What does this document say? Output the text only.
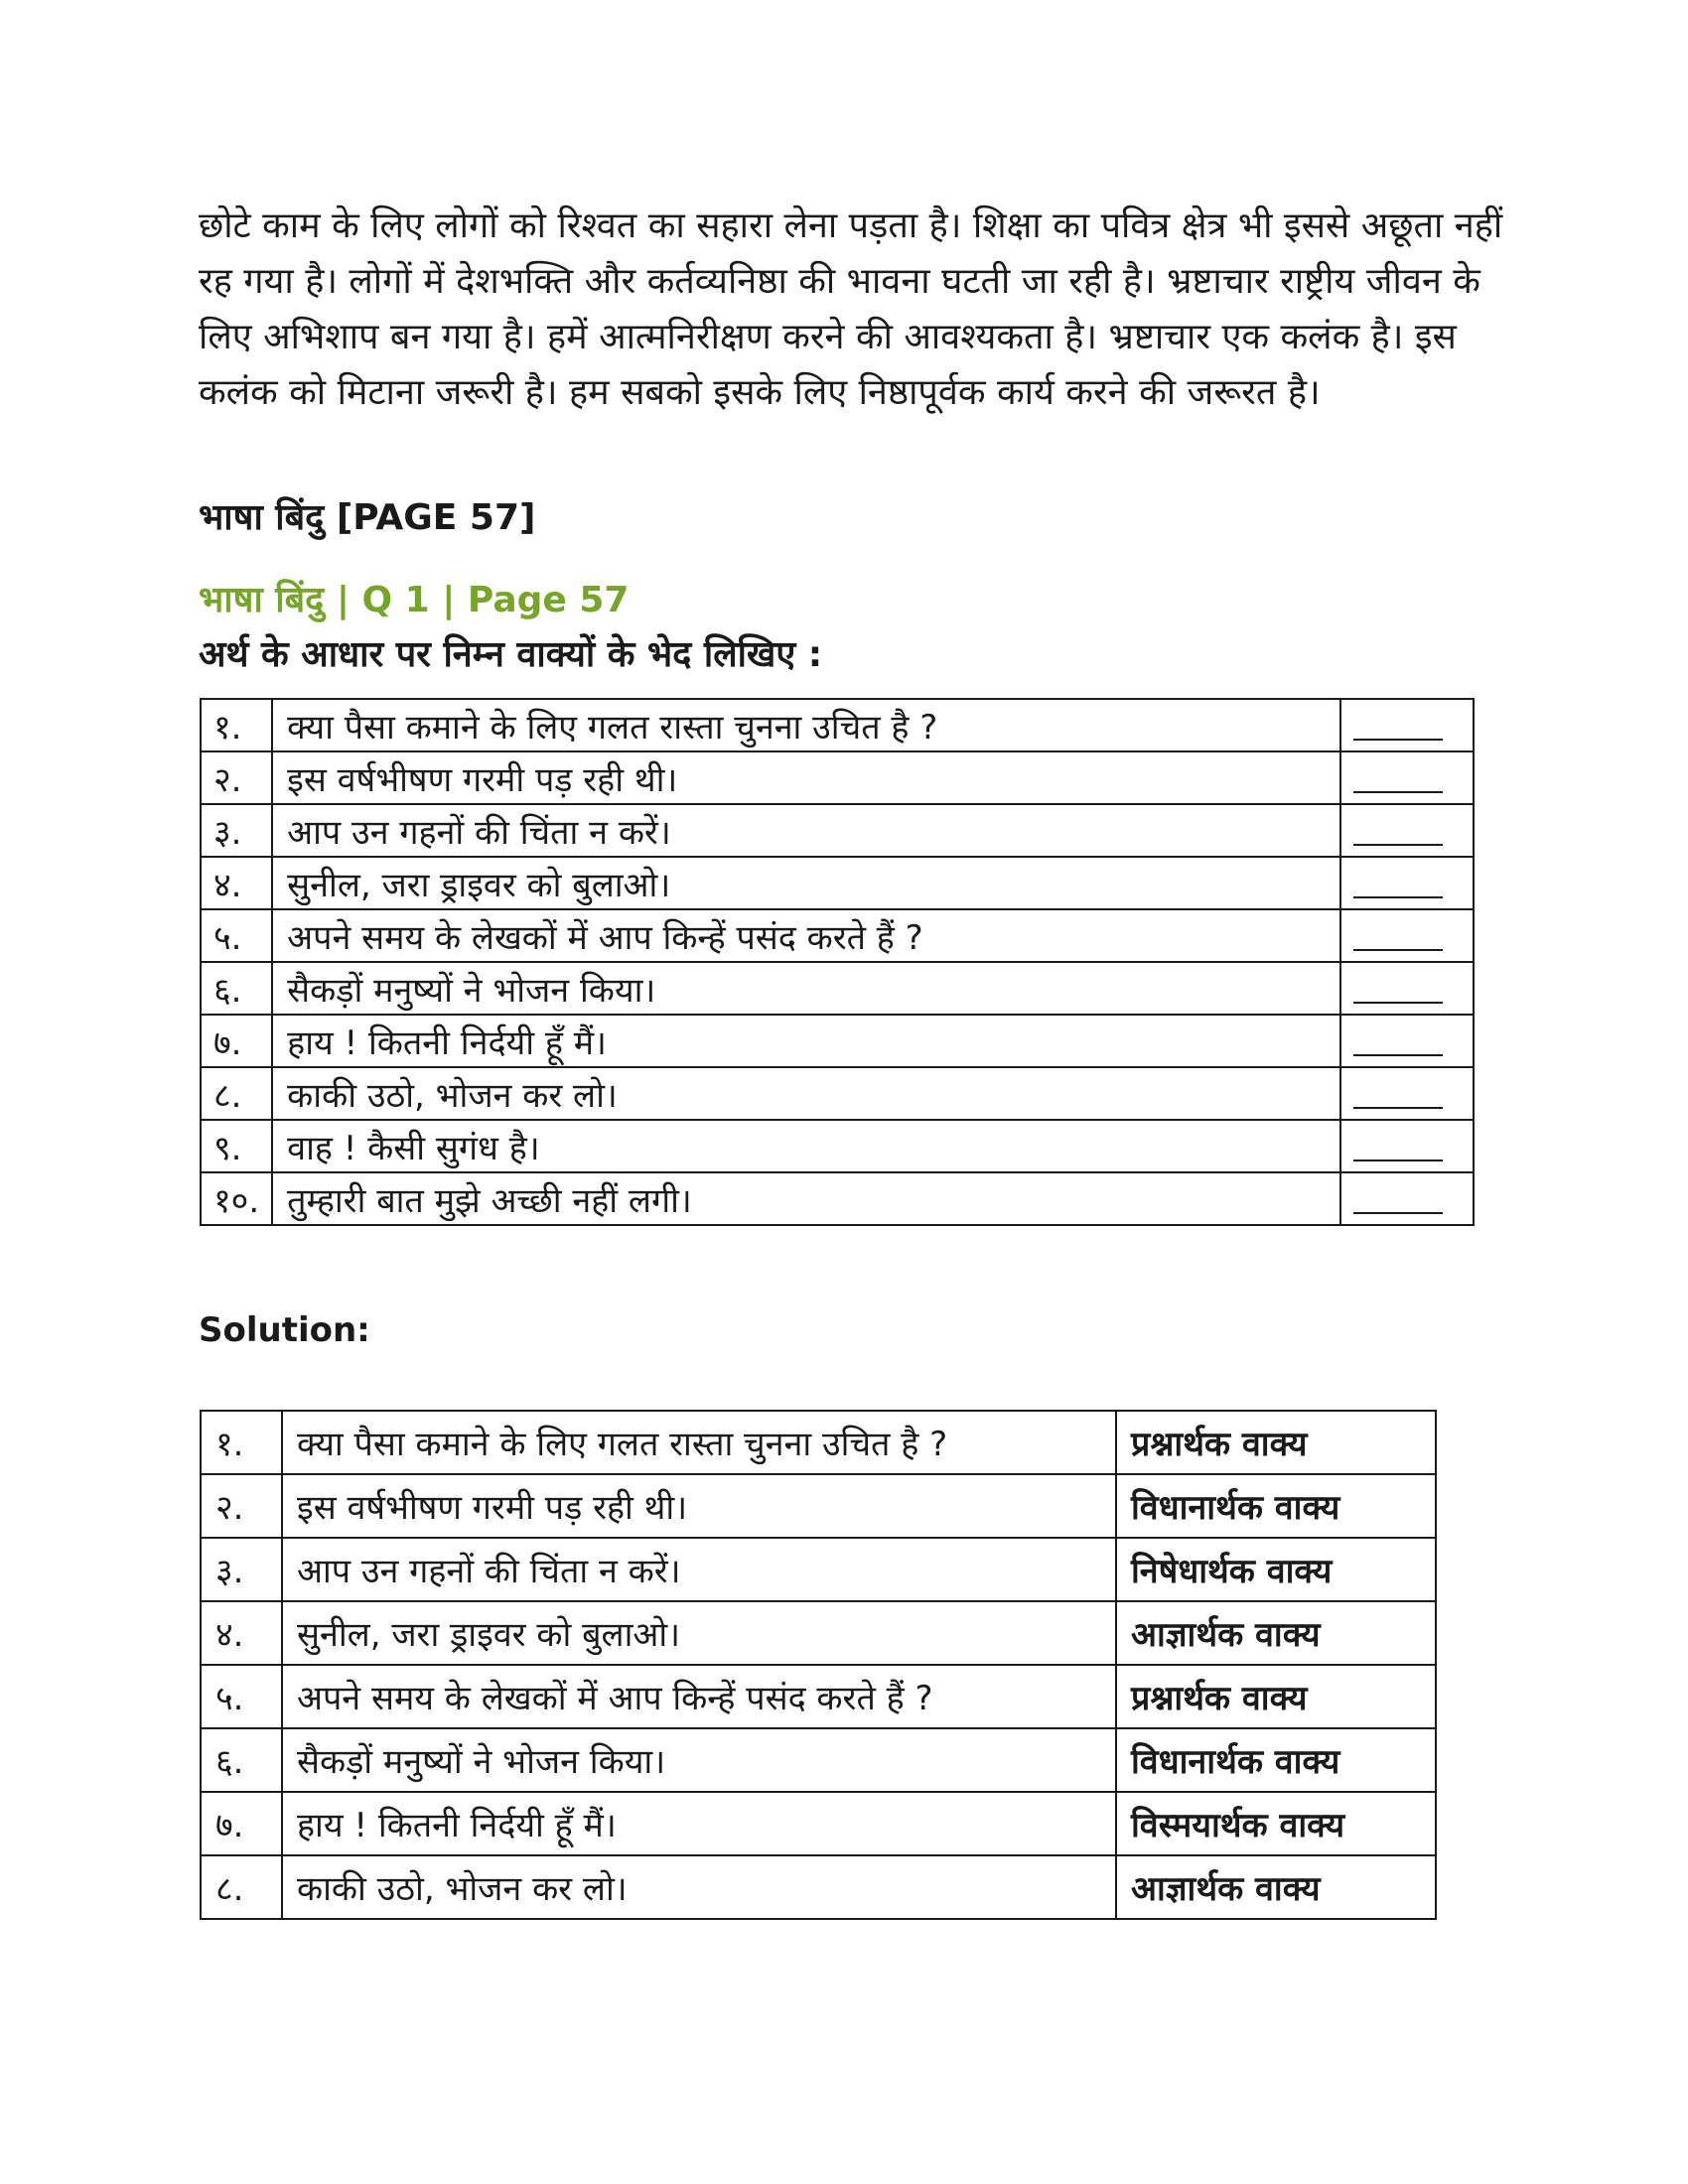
छोटे काम के लिए लोगों को रिश्वत का सहारा लेना पड़ता है। शिक्षा का पवित्र क्षेत्र भी इससे अछूता नहीं रह गया है। लोगों में देशभक्ति और कर्तव्यनिष्ठा की भावना घटती जा रही है। भ्रष्टाचार राष्ट्रीय जीवन के लिए अभिशाप बन गया है। हमें आत्मनिरीक्षण करने की आवश्यकता है। भ्रष्टाचार एक कलंक है। इस कलंक को मिटाना जरूरी है। हम सबको इसके लिए निष्ठापूर्वक कार्य करने की जरूरत है।

भाषा बिंदु [PAGE 57]
भाषा बिंदु | Q 1 | Page 57

अर्थ के आधार पर निम्न वाक्यों के भेद लिखिए :

१.	क्या पैसा कमाने के लिए गलत रास्ता चुनना उचित है ?	
२.	इस वर्षभीषण गरमी पड़ रही थी।	
३.	आप उन गहनों की चिंता न करें।	
४.	सुनील, जरा ड्राइवर को बुलाओ।	
५.	अपने समय के लेखकों में आप किन्हें पसंद करते हैं ?	
६.	सैकड़ों मनुष्यों ने भोजन किया।	
७.	हाय ! कितनी निर्दयी हूँ मैं।	
८.	काकी उठो, भोजन कर लो।	
९.	वाह ! कैसी सुगंध है।	
१०.	तुम्हारी बात मुझे अच्छी नहीं लगी।	

Solution:

१.	क्या पैसा कमाने के लिए गलत रास्ता चुनना उचित है ?	प्रश्नार्थक वाक्य
२.	इस वर्षभीषण गरमी पड़ रही थी।	विधानार्थक वाक्य
३.	आप उन गहनों की चिंता न करें।	निषेधार्थक वाक्य
४.	सुनील, जरा ड्राइवर को बुलाओ।	आज्ञार्थक वाक्य
५.	अपने समय के लेखकों में आप किन्हें पसंद करते हैं ?	प्रश्नार्थक वाक्य
६.	सैकड़ों मनुष्यों ने भोजन किया।	विधानार्थक वाक्य
७.	हाय ! कितनी निर्दयी हूँ मैं।	विस्मयार्थक वाक्य
८.	काकी उठो, भोजन कर लो।	आज्ञार्थक वाक्य
